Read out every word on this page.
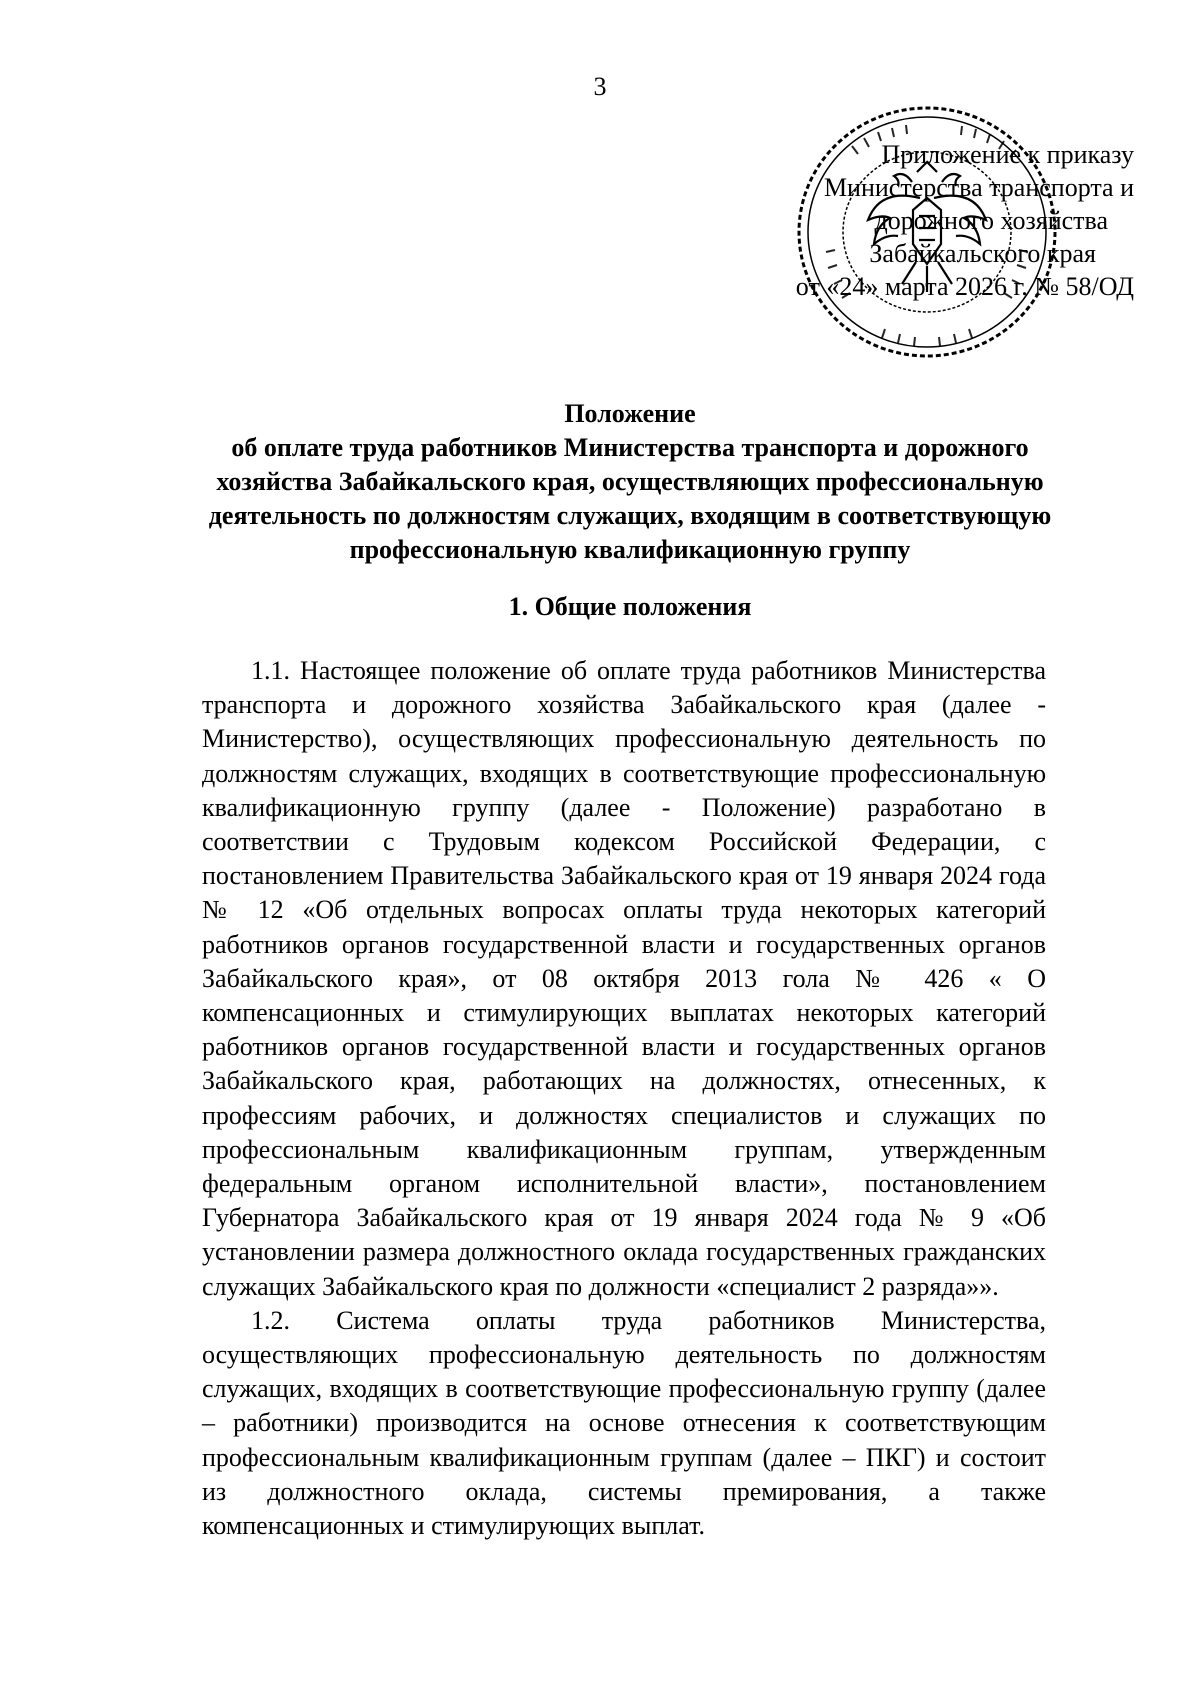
3
Приложение к приказу
Министерства транспорта и
дорожного хозяйства
Забайкальского края
от «24» марта 2026 г. № 58/ОД
Положение
об оплате труда работников Министерства транспорта и дорожного
хозяйства Забайкальского края, осуществляющих профессиональную
деятельность по должностям служащих, входящим в соответствующую
профессиональную квалификационную группу
1. Общие положения

1.1. Настоящее положение об оплате труда работников Министерства транспорта и дорожного хозяйства Забайкальского края (далее - Министерство), осуществляющих профессиональную деятельность по должностям служащих, входящих в соответствующие профессиональную квалификационную группу (далее - Положение) разработано в соответствии с Трудовым кодексом Российской Федерации, с постановлением Правительства Забайкальского края от 19 января 2024 года № 12 «Об отдельных вопросах оплаты труда некоторых категорий работников органов государственной власти и государственных органов Забайкальского края», от 08 октября 2013 гола № 426 « О компенсационных и стимулирующих выплатах некоторых категорий работников органов государственной власти и государственных органов Забайкальского края, работающих на должностях, отнесенных, к профессиям рабочих, и должностях специалистов и служащих по профессиональным квалификационным группам, утвержденным федеральным органом исполнительной власти», постановлением Губернатора Забайкальского края от 19 января 2024 года № 9 «Об установлении размера должностного оклада государственных гражданских служащих Забайкальского края по должности «специалист 2 разряда»».

1.2. Система оплаты труда работников Министерства, осуществляющих профессиональную деятельность по должностям служащих, входящих в соответствующие профессиональную группу (далее – работники) производится на основе отнесения к соответствующим профессиональным квалификационным группам (далее – ПКГ) и состоит из должностного оклада, системы премирования, а также компенсационных и стимулирующих выплат.
